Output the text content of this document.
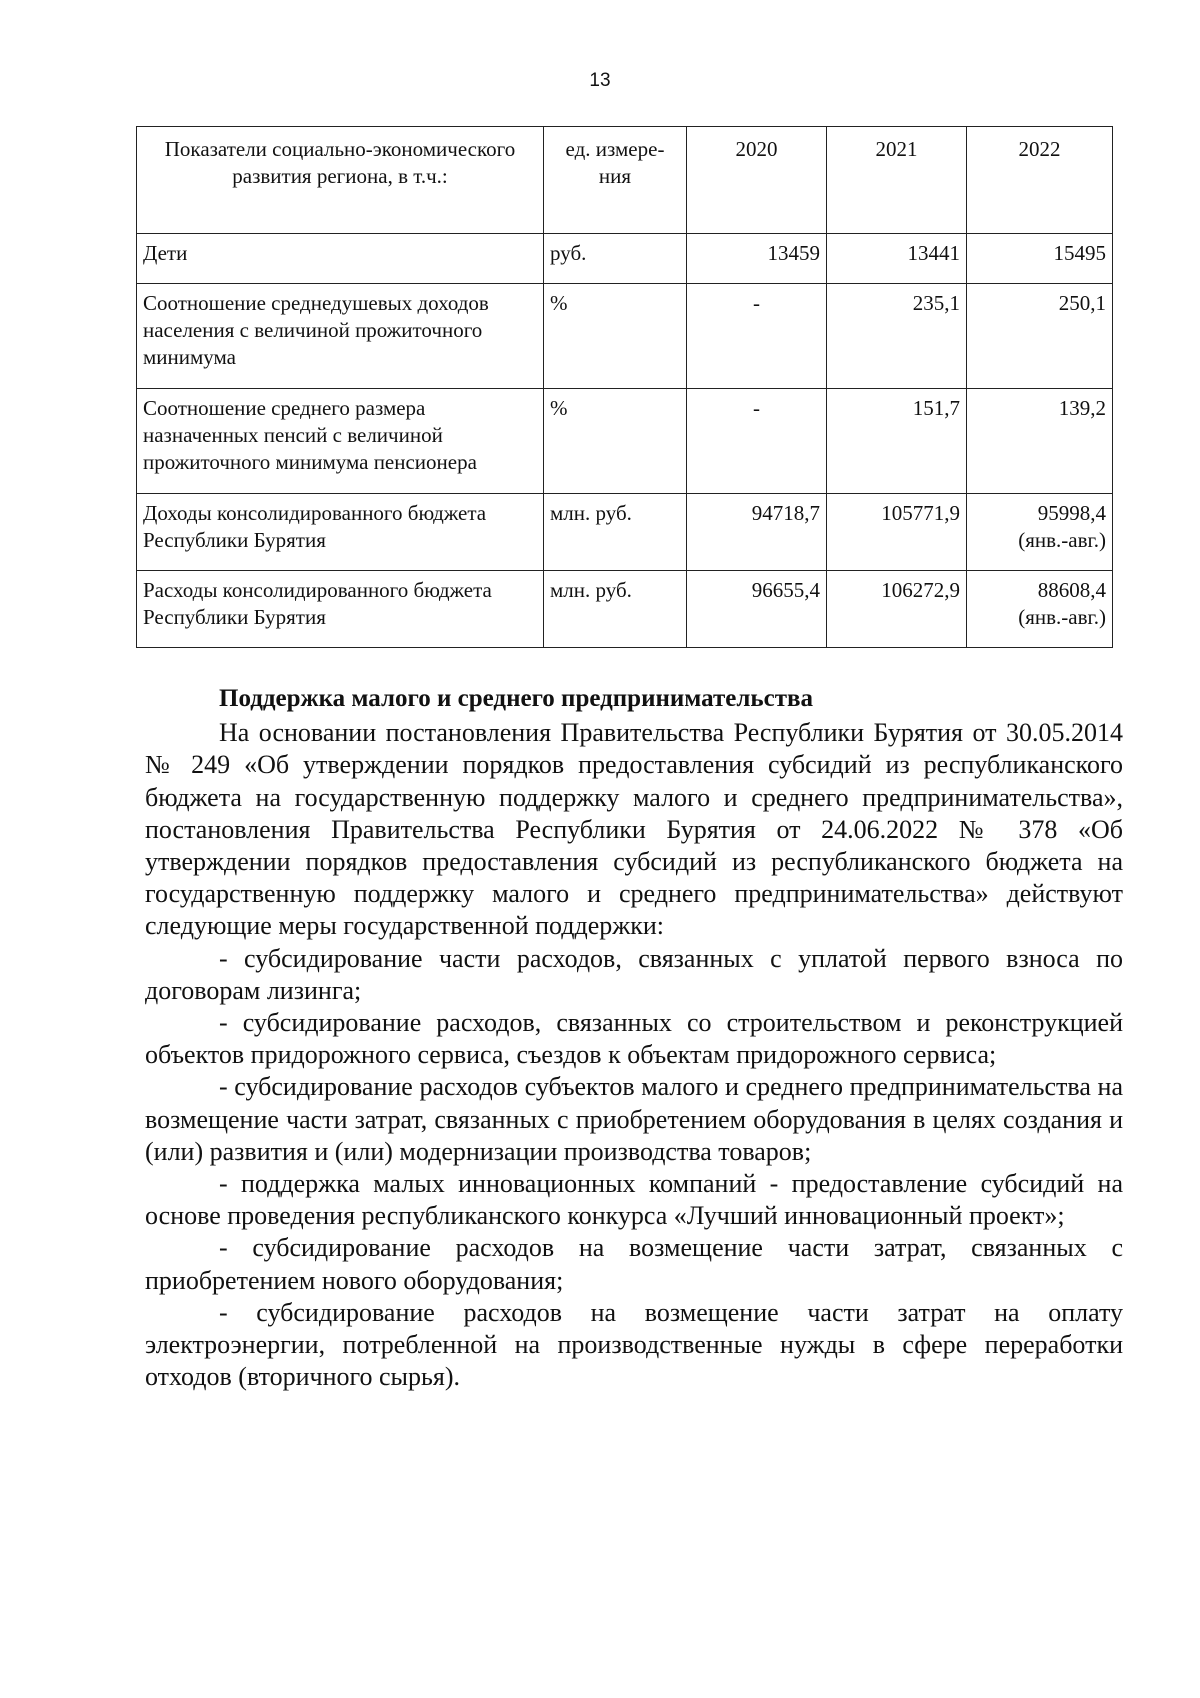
13
Показатели социально-экономического развития региона, в т.ч.:	ед. измере-ния	2020	2021	2022
Дети	руб.	13459	13441	15495
Соотношение среднедушевых доходов населения с величиной прожиточного минимума	%	-	235,1	250,1
Соотношение среднего размера назначенных пенсий с величиной прожиточного минимума пенсионера	%	-	151,7	139,2
Доходы консолидированного бюджета Республики Бурятия	млн. руб.	94718,7	105771,9	95998,4
(янв.-авг.)

Расходы консолидированного бюджета Республики Бурятия	млн. руб.	96655,4	106272,9	88608,4
(янв.-авг.)
Поддержка малого и среднего предпринимательства

На основании постановления Правительства Республики Бурятия от 30.05.2014 № 249 «Об утверждении порядков предоставления субсидий из республиканского бюджета на государственную поддержку малого и среднего предпринимательства», постановления Правительства Республики Бурятия от 24.06.2022 № 378 «Об утверждении порядков предоставления субсидий из республиканского бюджета на государственную поддержку малого и среднего предпринимательства» действуют следующие меры государственной поддержки:

- субсидирование части расходов, связанных с уплатой первого взноса по договорам лизинга;

- субсидирование расходов, связанных со строительством и реконструкцией объектов придорожного сервиса, съездов к объектам придорожного сервиса;

- субсидирование расходов субъектов малого и среднего предпринимательства на возмещение части затрат, связанных с приобретением оборудования в целях создания и (или) развития и (или) модернизации производства товаров;

- поддержка малых инновационных компаний - предоставление субсидий на основе проведения республиканского конкурса «Лучший инновационный проект»;

- субсидирование расходов на возмещение части затрат, связанных с приобретением нового оборудования;

- субсидирование расходов на возмещение части затрат на оплату электроэнергии, потребленной на производственные нужды в сфере переработки отходов (вторичного сырья).
